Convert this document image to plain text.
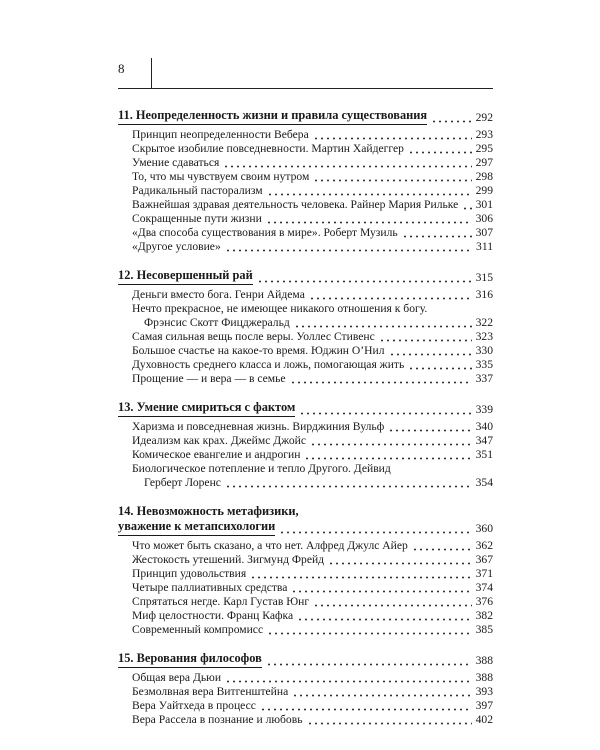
8
11. Неопределенность жизни и правила существования	292
Принцип неопределенности Вебера	293
Скрытое изобилие повседневности. Мартин Хайдеггер	295
Умение сдаваться	297
То, что мы чувствуем своим нутром	298
Радикальный пасторализм	299
Важнейшая здравая деятельность человека. Райнер Мария Рильке 301
Сокращенные пути жизни	306
«Два способа существования в мире». Роберт Музиль	307
«Другое условие»	311
12. Несовершенный рай	315
Деньги вместо бога. Генри Айдема	316
Нечто прекрасное, не имеющее никакого отношения к богу.
Фрэнсис Скотт Фицджеральд	322
Самая сильная вещь после веры. Уоллес Стивенс	323
Большое счастье на какое-то время. Юджин О’Нил	330
Духовность среднего класса и ложь, помогающая жить	335
Прощение — и вера — в семье	337
13. Умение смириться с фактом	339
Харизма и повседневная жизнь. Вирджиния Вульф	340
Идеализм как крах. Джеймс Джойс	347
Комическое евангелие и андрогин	351
Биологическое потепление и тепло Другого. Дейвид
Герберт Лоренс	354
14. Невозможность метафизики,
уважение к метапсихологии	360
Что может быть сказано, а что нет. Алфред Джулс Айер	362
Жестокость утешений. Зигмунд Фрейд	367
Принцип удовольствия	371
Четыре паллиативных средства	374
Спрятаться негде. Карл Густав Юнг	376
Миф целостности. Франц Кафка	382
Современный компромисс	385
15. Верования философов	388
Общая вера Дьюи	388
Безмолвная вера Витгенштейна	393
Вера Уайтхеда в процесс	397
Вера Рассела в познание и любовь	402
